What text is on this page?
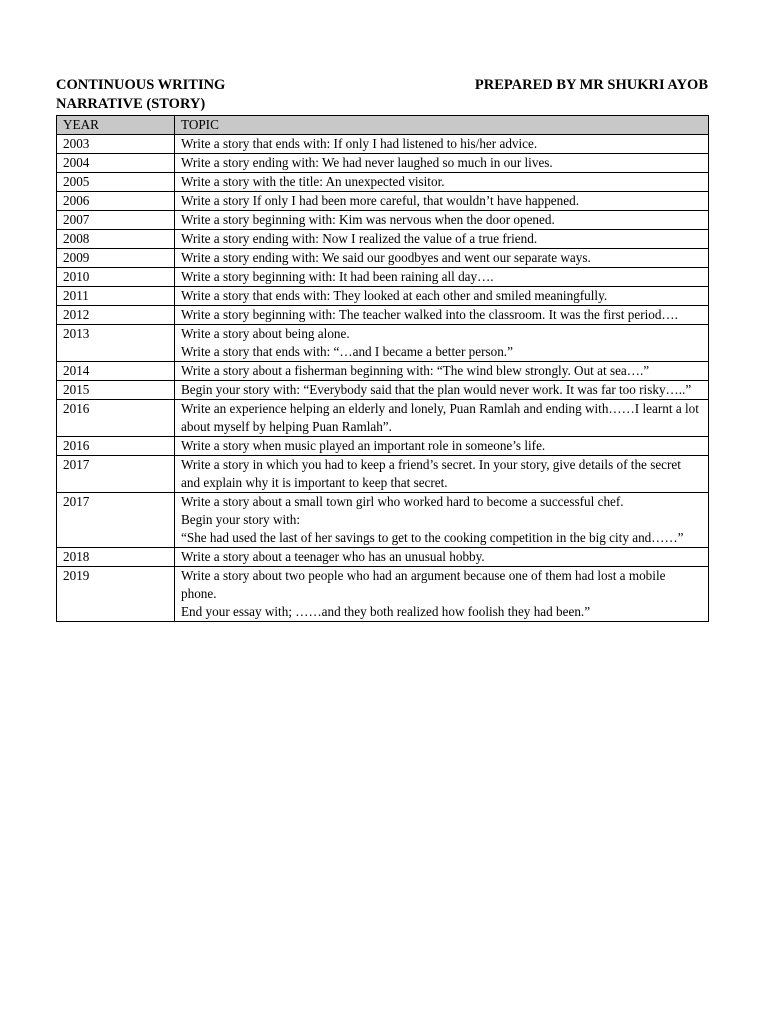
CONTINUOUS WRITING	PREPARED BY MR SHUKRI AYOB
NARRATIVE (STORY)
YEAR	TOPIC
2003	Write a story that ends with: If only I had listened to his/her advice.

2004	Write a story ending with: We had never laughed so much in our lives.

2005	Write a story with the title: An unexpected visitor.

2006	Write a story If only I had been more careful, that wouldn’t have happened.

2007	Write a story beginning with: Kim was nervous when the door opened.

2008	Write a story ending with: Now I realized the value of a true friend.

2009	Write a story ending with: We said our goodbyes and went our separate ways.

2010	Write a story beginning with: It had been raining all day….

2011	Write a story that ends with: They looked at each other and smiled meaningfully.

2012	Write a story beginning with: The teacher walked into the classroom. It was the first period….

2013	Write a story about being alone.
Write a story that ends with: “…and I became a better person.”

2014	Write a story about a fisherman beginning with: “The wind blew strongly. Out at sea….”

2015	Begin your story with: “Everybody said that the plan would never work. It was far too risky…..”

2016	Write an experience helping an elderly and lonely, Puan Ramlah and ending with……I learnt a lot about myself by helping Puan Ramlah”.

2016	Write a story when music played an important role in someone’s life.

2017	Write a story in which you had to keep a friend’s secret. In your story, give details of the secret and explain why it is important to keep that secret.

2017	Write a story about a small town girl who worked hard to become a successful chef.
Begin your story with:
“She had used the last of her savings to get to the cooking competition in the big city and……”

2018	Write a story about a teenager who has an unusual hobby.

2019	Write a story about two people who had an argument because one of them had lost a mobile phone.
End your essay with; ……and they both realized how foolish they had been.”
